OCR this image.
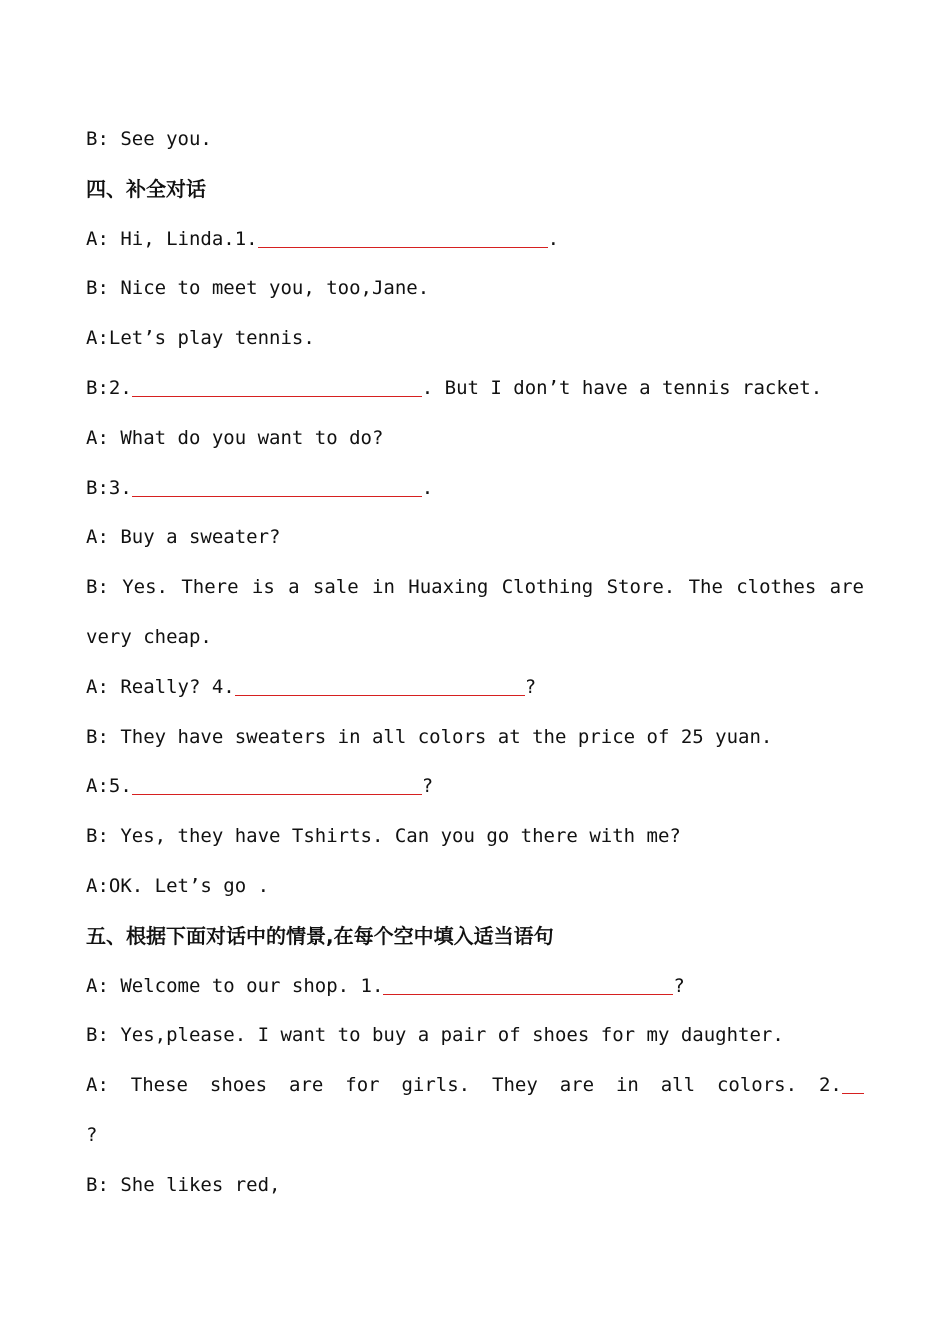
B: See you.
四、补全对话
A: Hi, Linda.1.	.
B: Nice to meet you, too,Jane.
A:Let’s play tennis.
B:2.	. But I don’t have a tennis racket.
A: What do you want to do?
B:3.	.
A: Buy a sweater?
B: Yes. There is a sale in Huaxing Clothing Store. The clothes are
very cheap.
A: Really? 4.	?
B: They have sweaters in all colors at the price of 25 yuan.
A:5.	?
B: Yes, they have Tshirts. Can you go there with me?
A:OK. Let’s go .
五、根据下面对话中的情景,在每个空中填入适当语句
A: Welcome to our shop. 1.	?
B: Yes,please. I want to buy a pair of shoes for my daughter.
A: These shoes are for girls. They are in all colors. 2.
?
B: She likes red,
